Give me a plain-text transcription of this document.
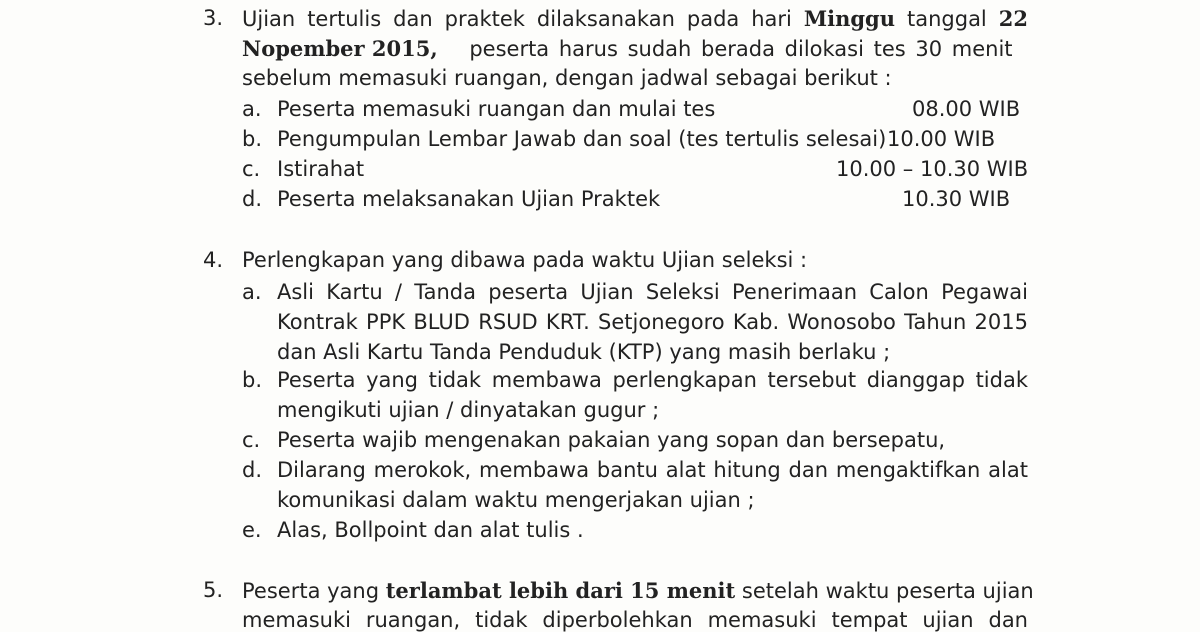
3. Ujian tertulis dan praktek dilaksanakan pada hari Minggu tanggal 22
Nopember 2015, peserta harus sudah berada dilokasi tes 30 menit
sebelum memasuki ruangan, dengan jadwal sebagai berikut :
a. Peserta memasuki ruangan dan mulai tes	08.00 WIB
b. Pengumpulan Lembar Jawab dan soal (tes tertulis selesai) 10.00 WIB
c. Istirahat	10.00 – 10.30 WIB
d. Peserta melaksanakan Ujian Praktek	10.30 WIB
4. Perlengkapan yang dibawa pada waktu Ujian seleksi :
a. Asli Kartu / Tanda peserta Ujian Seleksi Penerimaan Calon Pegawai
Kontrak PPK BLUD RSUD KRT. Setjonegoro Kab. Wonosobo Tahun 2015
dan Asli Kartu Tanda Penduduk (KTP) yang masih berlaku ;
b. Peserta yang tidak membawa perlengkapan tersebut dianggap tidak
mengikuti ujian / dinyatakan gugur ;
c. Peserta wajib mengenakan pakaian yang sopan dan bersepatu,
d. Dilarang merokok, membawa bantu alat hitung dan mengaktifkan alat
komunikasi dalam waktu mengerjakan ujian ;
e. Alas, Bollpoint dan alat tulis .
5. Peserta yang terlambat lebih dari 15 menit setelah waktu peserta ujian
memasuki ruangan, tidak diperbolehkan memasuki tempat ujian dan
